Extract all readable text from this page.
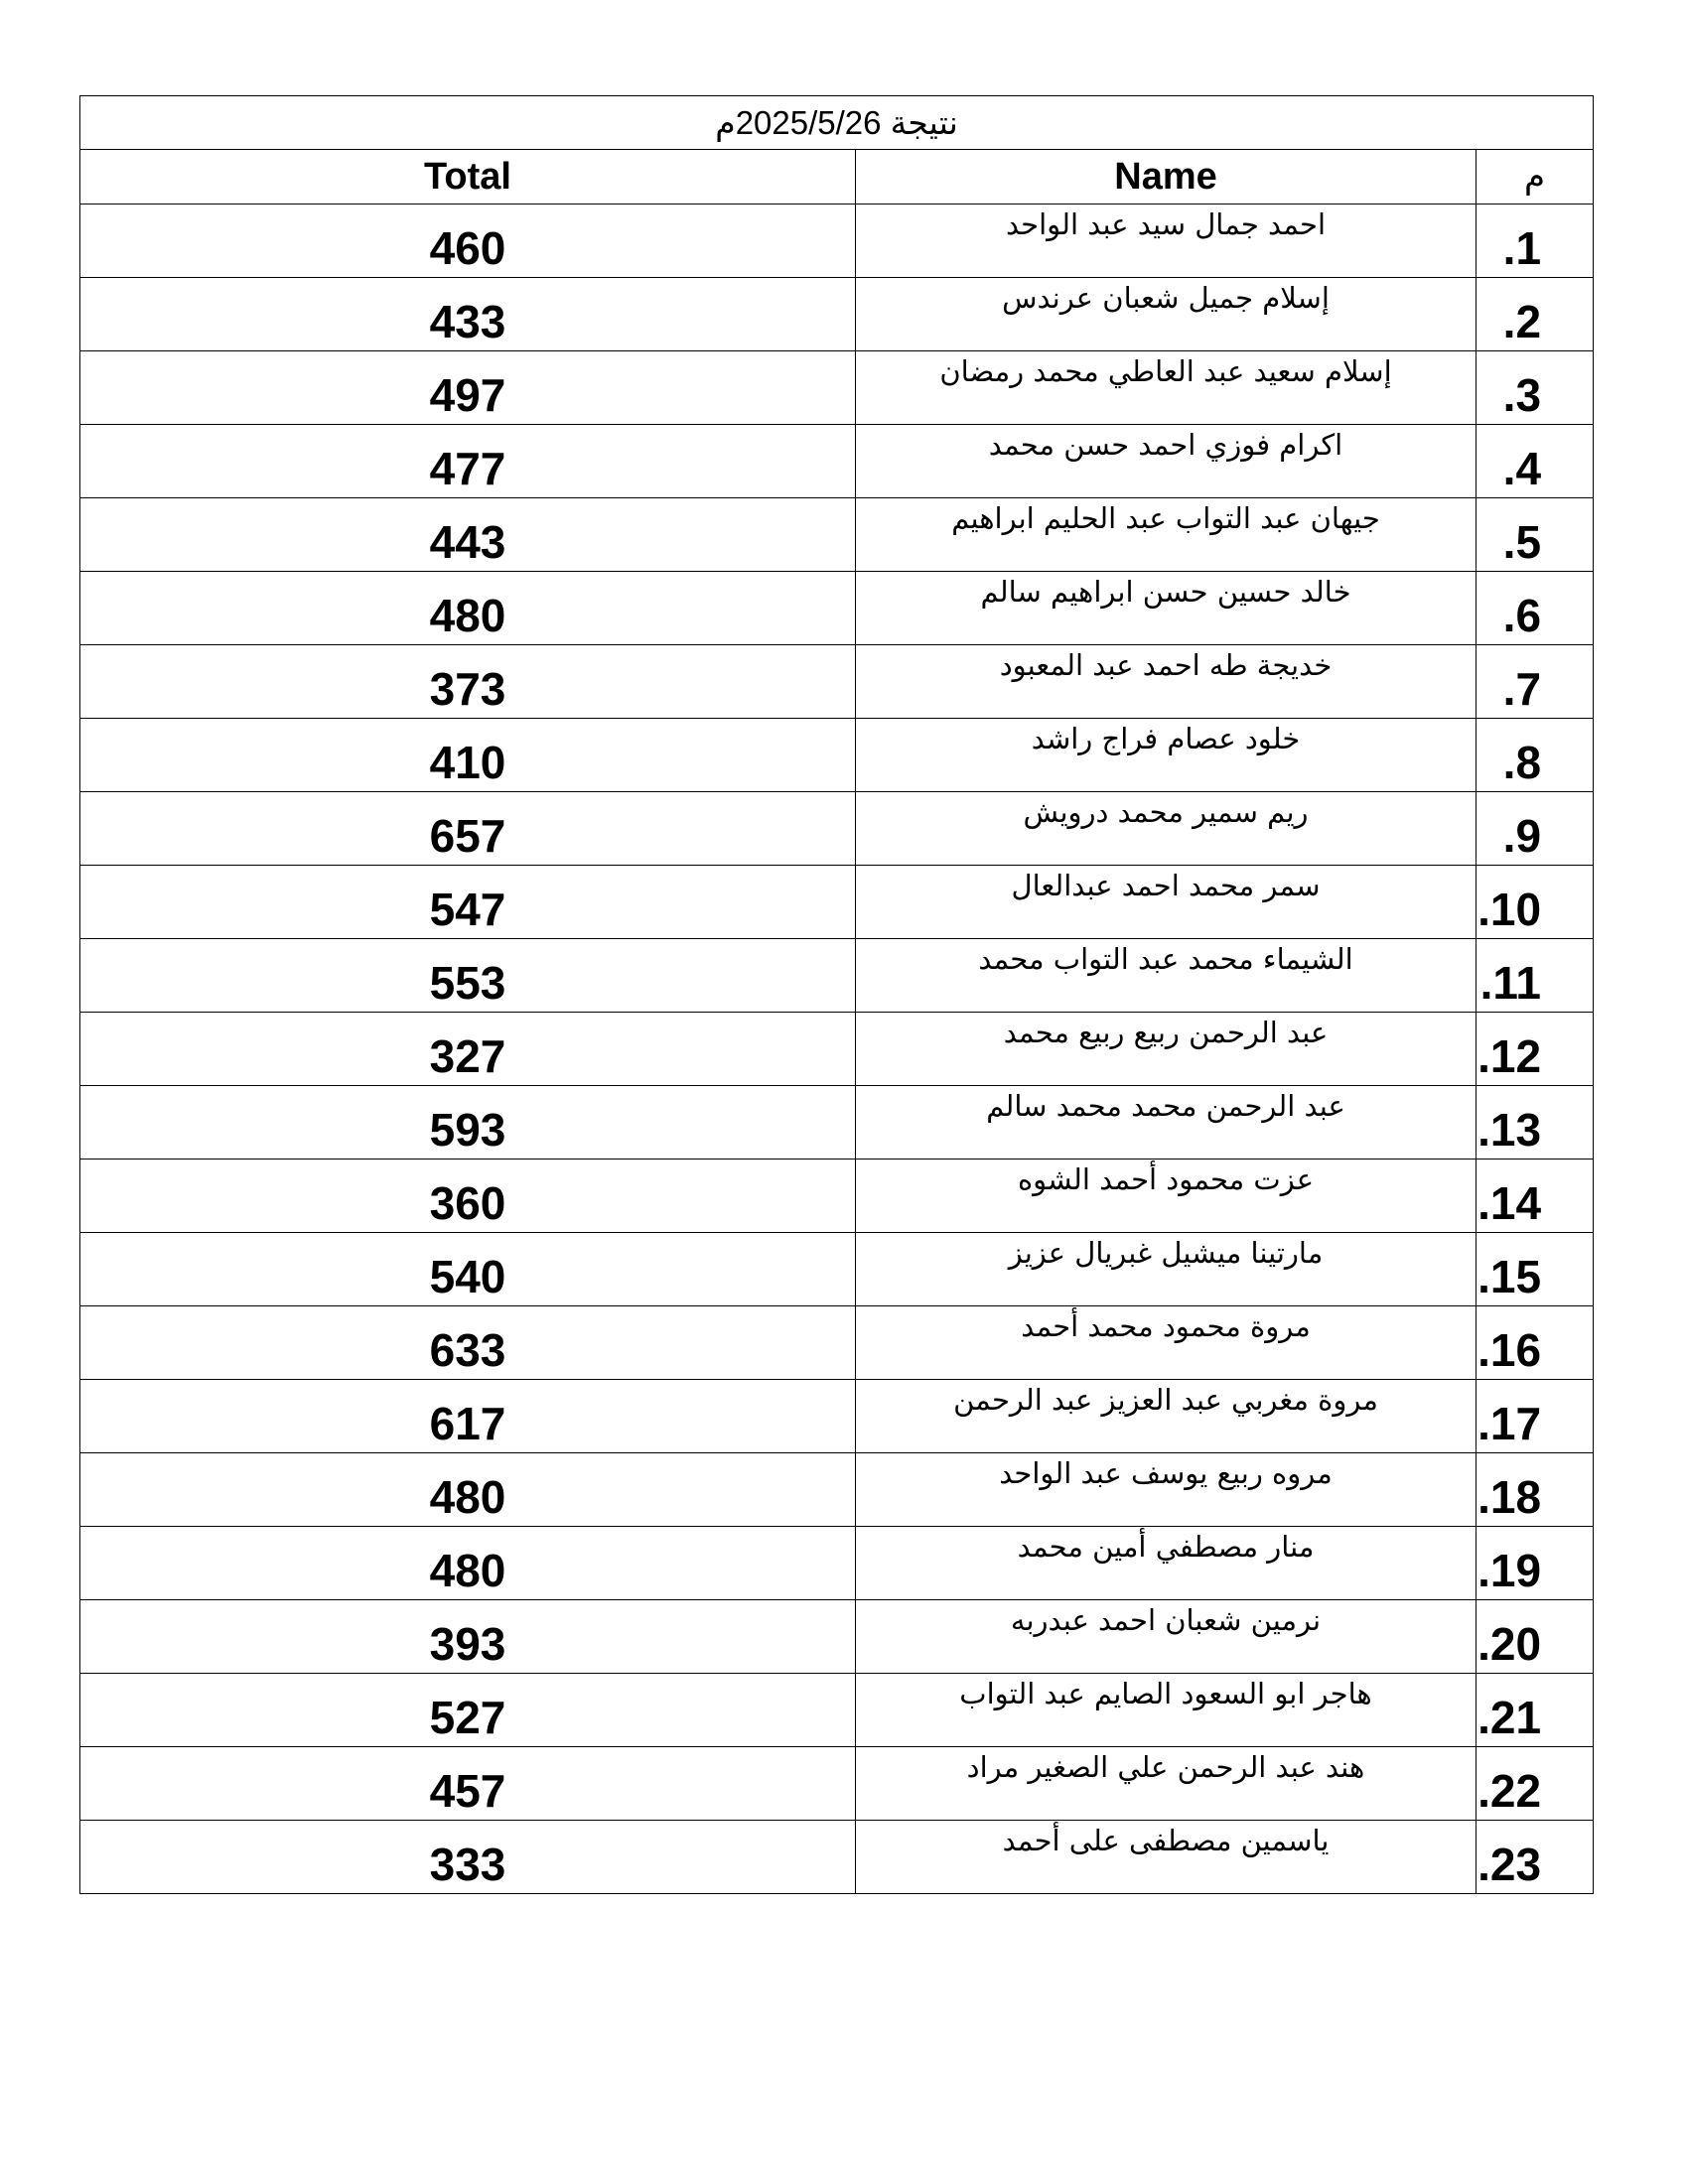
نتيجة 2025/5/26م		
Total	Name	م
460	احمد جمال سيد عبد الواحد	1.
433	إسلام جميل شعبان عرندس	2.
497	إسلام سعيد عبد العاطي محمد رمضان	3.
477	اكرام فوزي احمد حسن محمد	4.
443	جيهان عبد التواب عبد الحليم ابراهيم	5.
480	خالد حسين حسن ابراهيم سالم	6.
373	خديجة طه احمد عبد المعبود	7.
410	خلود عصام فراج راشد	8.
657	ريم سمير محمد درويش	9.
547	سمر محمد احمد عبدالعال	10.
553	الشيماء محمد عبد التواب محمد	11.
327	عبد الرحمن ربيع ربيع محمد	12.
593	عبد الرحمن محمد محمد سالم	13.
360	عزت محمود أحمد الشوه	14.
540	مارتينا ميشيل غبريال عزيز	15.
633	مروة محمود محمد أحمد	16.
617	مروة مغربي عبد العزيز عبد الرحمن	17.
480	مروه ربيع يوسف عبد الواحد	18.
480	منار مصطفي أمين محمد	19.
393	نرمين شعبان احمد عبدربه	20.
527	هاجر ابو السعود الصايم عبد التواب	21.
457	هند عبد الرحمن علي الصغير مراد	22.
333	ياسمين مصطفى على أحمد	23.
